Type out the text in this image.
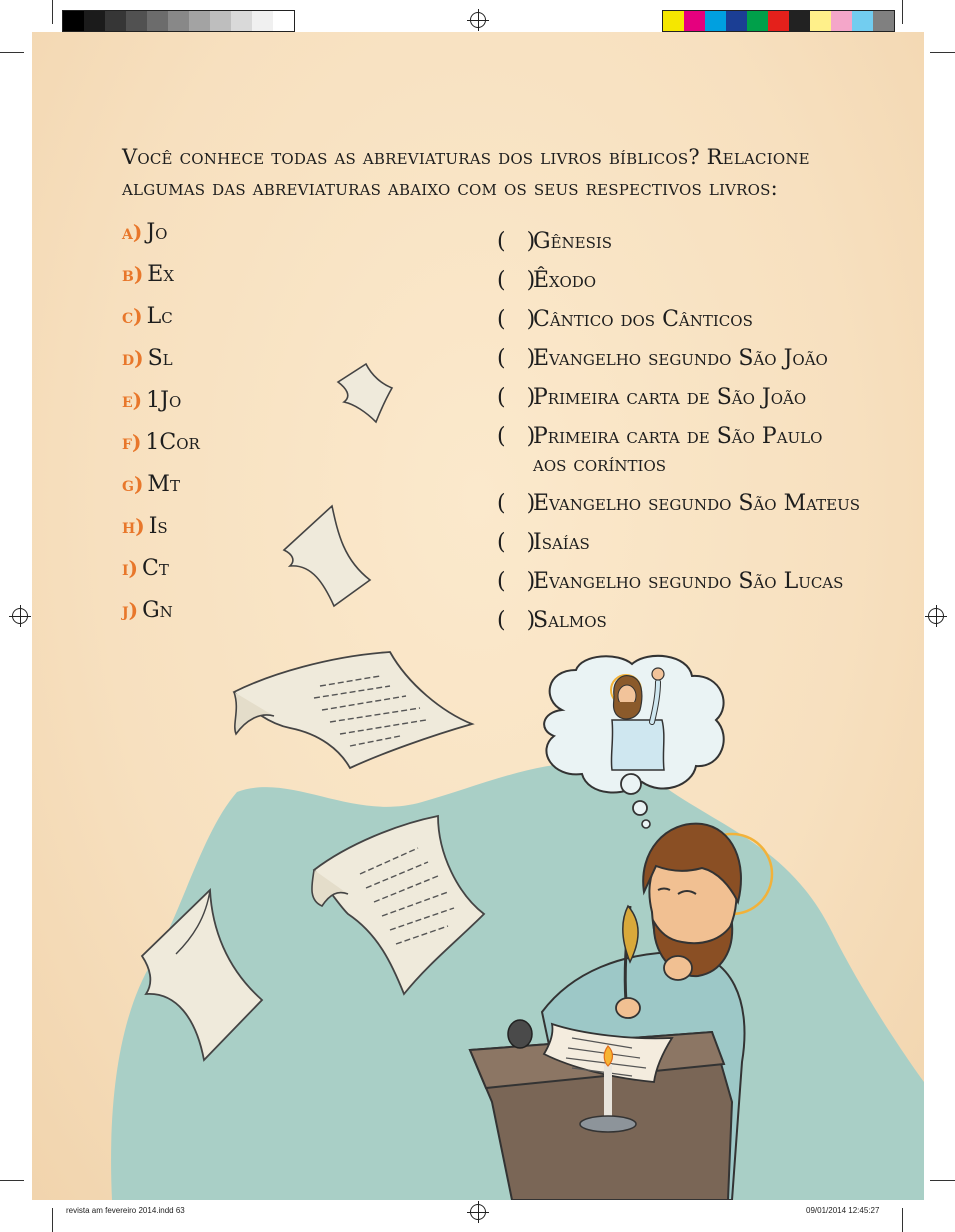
revista am fevereiro 2014.indd 63	09/01/2014 12:45:27
Você conhece todas as abreviaturas dos livros bíblicos? Relacione algumas das abreviaturas abaixo com os seus respectivos livros:
a) Jo
b) Ex
c) Lc
d) Sl
e) 1Jo
f) 1Cor
g) Mt
h) Is
i) Ct
j) Gn
(   )
Gênesis
(   )
Êxodo
(   )
Cântico dos Cânticos
(   )
Evangelho segundo São João
(   )
Primeira carta de São João
(   )
Primeira carta de São Paulo aos coríntios
(   )
Evangelho segundo São Mateus
(   )
Isaías
(   )
Evangelho segundo São Lucas
(   )
Salmos
